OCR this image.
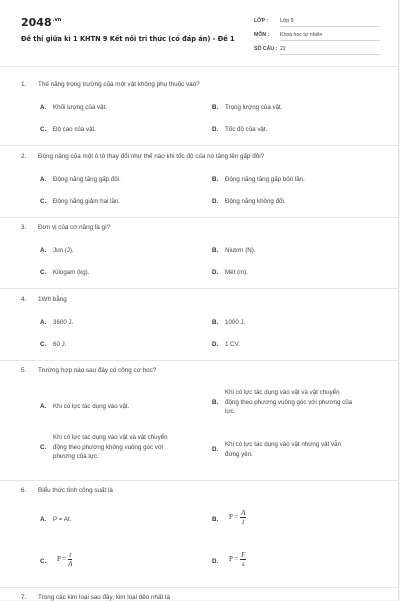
$2048^{.vn}$
Đề thi giữa kì 1 KHTN 9 Kết nối tri thức (có đáp án) - Đề 1
LỚP : Lớp 9
MÔN : Khoa học tự nhiên
SỐ CÂU : 22
1. Thế năng trọng trường của một vật không phụ thuộc vào?
A. Khối lượng của vật.	B. Trọng lượng của vật.
C. Độ cao của vật.	D. Tốc độ của vật.
2. Động năng của một ô tô thay đổi như thế nào khi tốc độ của nó tăng lên gấp đôi?
A. Động năng tăng gấp đôi.	B. Động năng tăng gấp bốn lần.
C. Động năng giảm hai lần.	D. Động năng không đổi.
3. Đơn vị của cơ năng là gì?
A. Jun (J).	B. Niutơn (N).
C. Kilogam (kg).	D. Mét (m).
4. 1Wh bằng
A. 3600 J.	B. 1000 J.
C. 60 J.	D. 1 CV.
5. Trường hợp nào sau đây có công cơ học?
A. Khi có lực tác dụng vào vật.
B.
Khi có lực tác dụng vào vật và vật chuyển động theo phương vuông góc với phương của lực.
C.
Khi có lực tác dụng vào vật và vật chuyển động theo phương không vuông góc với phương của lực.
D.
Khi có lực tác dụng vào vật nhưng vật vẫn đứng yên.
6. Biểu thức tính công suất là
A. P = At.	B. $P = \frac{A}{t}$
C. $P = \frac{t}{A}$	D. $P = \frac{F}{s}$
7. Trong các kim loại sau đây, kim loại dẻo nhất là
